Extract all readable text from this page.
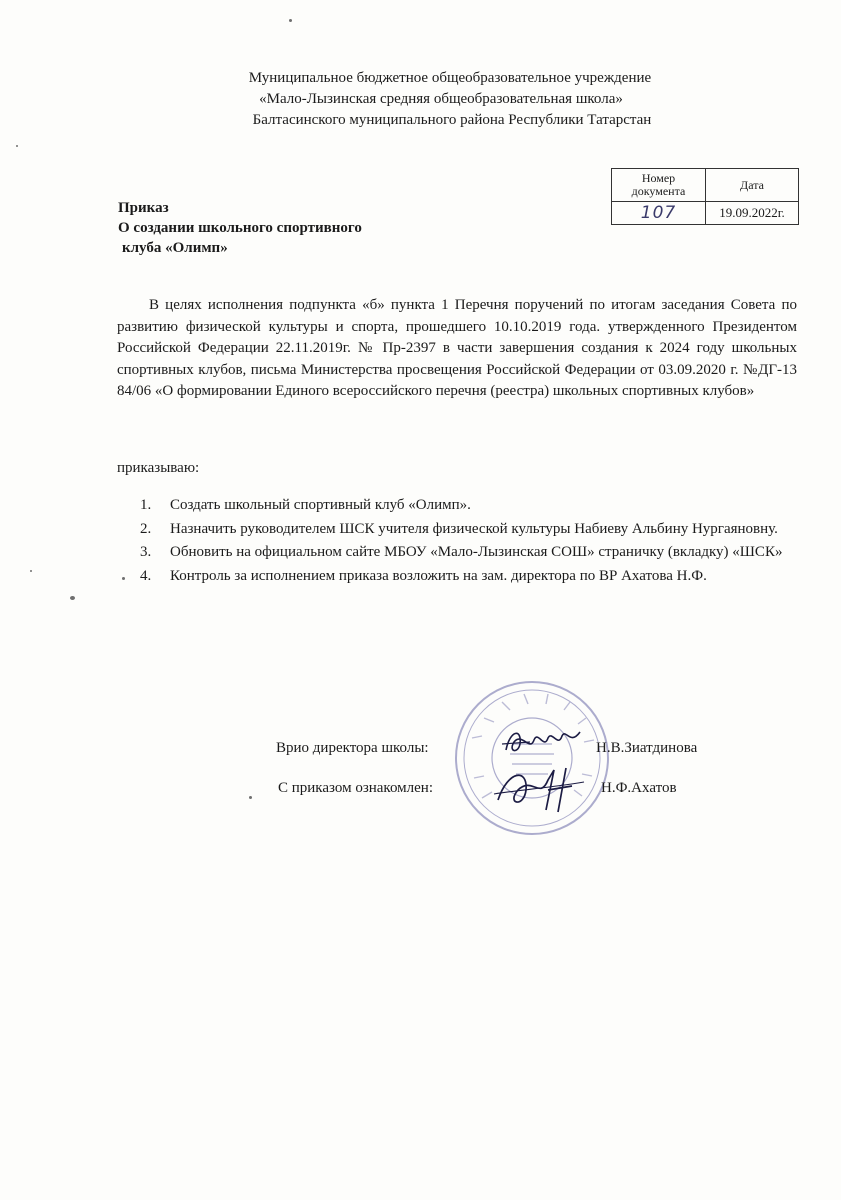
Муниципальное бюджетное общеобразовательное учреждение
«Мало-Лызинская средняя общеобразовательная школа»
Балтасинского муниципального района Республики Татарстан
Номер
документа	Дата
107	19.09.2022г.
Приказ
О создании школьного спортивного
клуба «Олимп»
В целях исполнения подпункта «б» пункта 1 Перечня поручений по итогам заседания Совета по развитию физической культуры и спорта, прошедшего 10.10.2019 года. утвержденного Президентом Российской Федерации 22.11.2019г. № Пр-2397 в части завершения создания к 2024 году школьных спортивных клубов, письма Министерства просвещения Российской Федерации от 03.09.2020 г. №ДГ-13 84/06 «О формировании Единого всероссийского перечня (реестра) школьных спортивных клубов»
приказываю:
1. Создать школьный спортивный клуб «Олимп».
2. Назначить руководителем ШСК учителя физической культуры Набиеву Альбину Нургаяновну.
3. Обновить на официальном сайте МБОУ «Мало-Лызинская СОШ» страничку (вкладку) «ШСК»
4. Контроль за исполнением приказа возложить на зам. директора по ВР Ахатова Н.Ф.
Врио директора школы:	Н.В.Зиатдинова
С приказом ознакомлен:	Н.Ф.Ахатов
